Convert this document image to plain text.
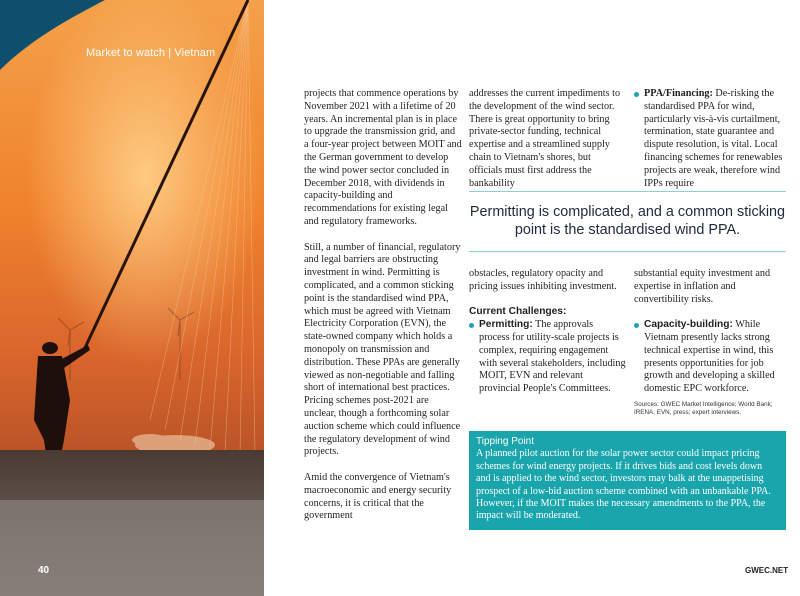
Market to watch | Vietnam
40

projects that commence operations by November 2021 with a lifetime of 20 years. An incremental plan is in place to upgrade the transmission grid, and a four-year project between MOIT and the German government to develop the wind power sector concluded in December 2018, with dividends in capacity-building and recommendations for existing legal and regulatory frameworks.

Still, a number of financial, regulatory and legal barriers are obstructing investment in wind. Permitting is complicated, and a common sticking point is the standardised wind PPA, which must be agreed with Vietnam Electricity Corporation (EVN), the state-owned company which holds a monopoly on transmission and distribution. These PPAs are generally viewed as non-negotiable and falling short of international best practices. Pricing schemes post-2021 are unclear, though a forthcoming solar auction scheme which could influence the regulatory development of wind projects.

Amid the convergence of Vietnam's macroeconomic and energy security concerns, it is critical that the government

addresses the current impediments to the development of the wind sector. There is great opportunity to bring private-sector funding, technical expertise and a streamlined supply chain to Vietnam's shores, but officials must first address the bankability

PPA/Financing: De-risking the standardised PPA for wind, particularly vis-à-vis curtailment, termination, state guarantee and dispute resolution, is vital. Local financing schemes for renewables projects are weak, therefore wind IPPs require
Permitting is complicated, and a common sticking point is the standardised wind PPA.

obstacles, regulatory opacity and pricing issues inhibiting investment.

Current Challenges:

Permitting: The approvals process for utility-scale projects is complex, requiring engagement with several stakeholders, including MOIT, EVN and relevant provincial People's Committees.

substantial equity investment and expertise in inflation and convertibility risks.

Capacity-building: While Vietnam presently lacks strong technical expertise in wind, this presents opportunities for job growth and developing a skilled domestic EPC workforce.
Sources: GWEC Market Intelligence; World Bank; IRENA; EVN, press; expert interviews.
Tipping Point
A planned pilot auction for the solar power sector could impact pricing schemes for wind energy projects. If it drives bids and cost levels down and is applied to the wind sector, investors may balk at the unappetising prospect of a low-bid auction scheme combined with an unbankable PPA. However, if the MOIT makes the necessary amendments to the PPA, the impact will be moderated.
GWEC.NET
